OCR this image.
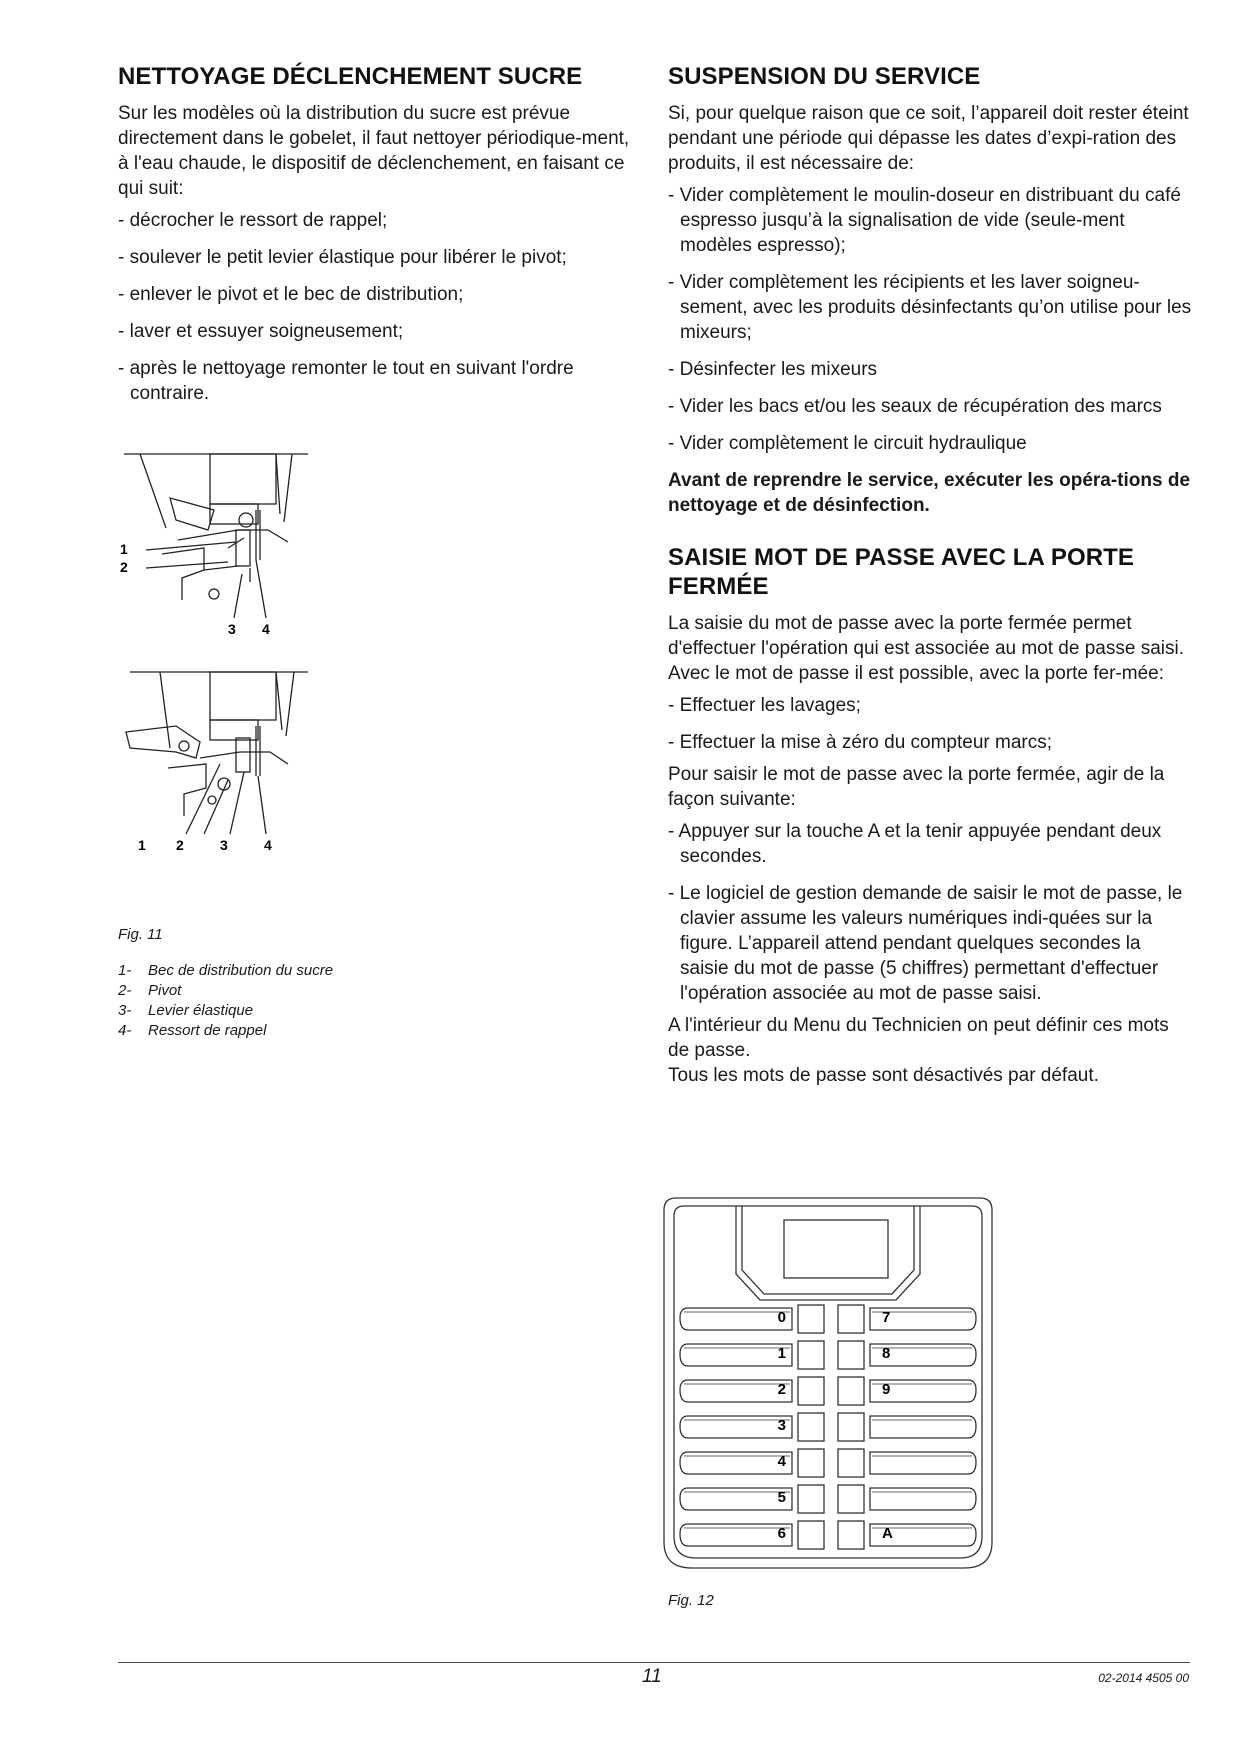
NETTOYAGE DÉCLENCHEMENT SUCRE

Sur les modèles où la distribution du sucre est prévue directement dans le gobelet, il faut nettoyer périodique-ment, à l'eau chaude, le dispositif de déclenchement, en faisant ce qui suit:

- décrocher le ressort de rappel;
- soulever le petit levier élastique pour libérer le pivot;
- enlever le pivot et le bec de distribution;
- laver et essuyer soigneusement;
- après le nettoyage remonter le tout en suivant l'ordre contraire.
1
2
3 4
1 2	3	4

Fig. 11

1- Bec de distribution du sucre
2- Pivot
3- Levier élastique
4- Ressort de rappel
SUSPENSION DU SERVICE

Si, pour quelque raison que ce soit, l’appareil doit rester éteint pendant une période qui dépasse les dates d’expi-ration des produits, il est nécessaire de:

- Vider complètement le moulin-doseur en distribuant du café espresso jusqu’à la signalisation de vide (seule-ment modèles espresso);
- Vider complètement les récipients et les laver soigneu-sement, avec les produits désinfectants qu’on utilise pour les mixeurs;
- Désinfecter les mixeurs
- Vider les bacs et/ou les seaux de récupération des marcs
- Vider complètement le circuit hydraulique

Avant de reprendre le service, exécuter les opéra-tions de nettoyage et de désinfection.

SAISIE MOT DE PASSE AVEC LA PORTE FERMÉE

La saisie du mot de passe avec la porte fermée permet d'effectuer l'opération qui est associée au mot de passe saisi.

Avec le mot de passe il est possible, avec la porte fer-mée:

- Effectuer les lavages;
- Effectuer la mise à zéro du compteur marcs;

Pour saisir le mot de passe avec la porte fermée, agir de la façon suivante:

- Appuyer sur la touche A et la tenir appuyée pendant deux secondes.
- Le logiciel de gestion demande de saisir le mot de passe, le clavier assume les valeurs numériques indi-quées sur la figure. L’appareil attend pendant quelques secondes la saisie du mot de passe (5 chiffres) permettant d'effectuer l'opération associée au mot de passe saisi.

A l'intérieur du Menu du Technicien on peut définir ces mots de passe.

Tous les mots de passe sont désactivés par défaut.

0
1
2
3
4
5
6
7
8
9
A

Fig. 12

11	02-2014 4505 00
